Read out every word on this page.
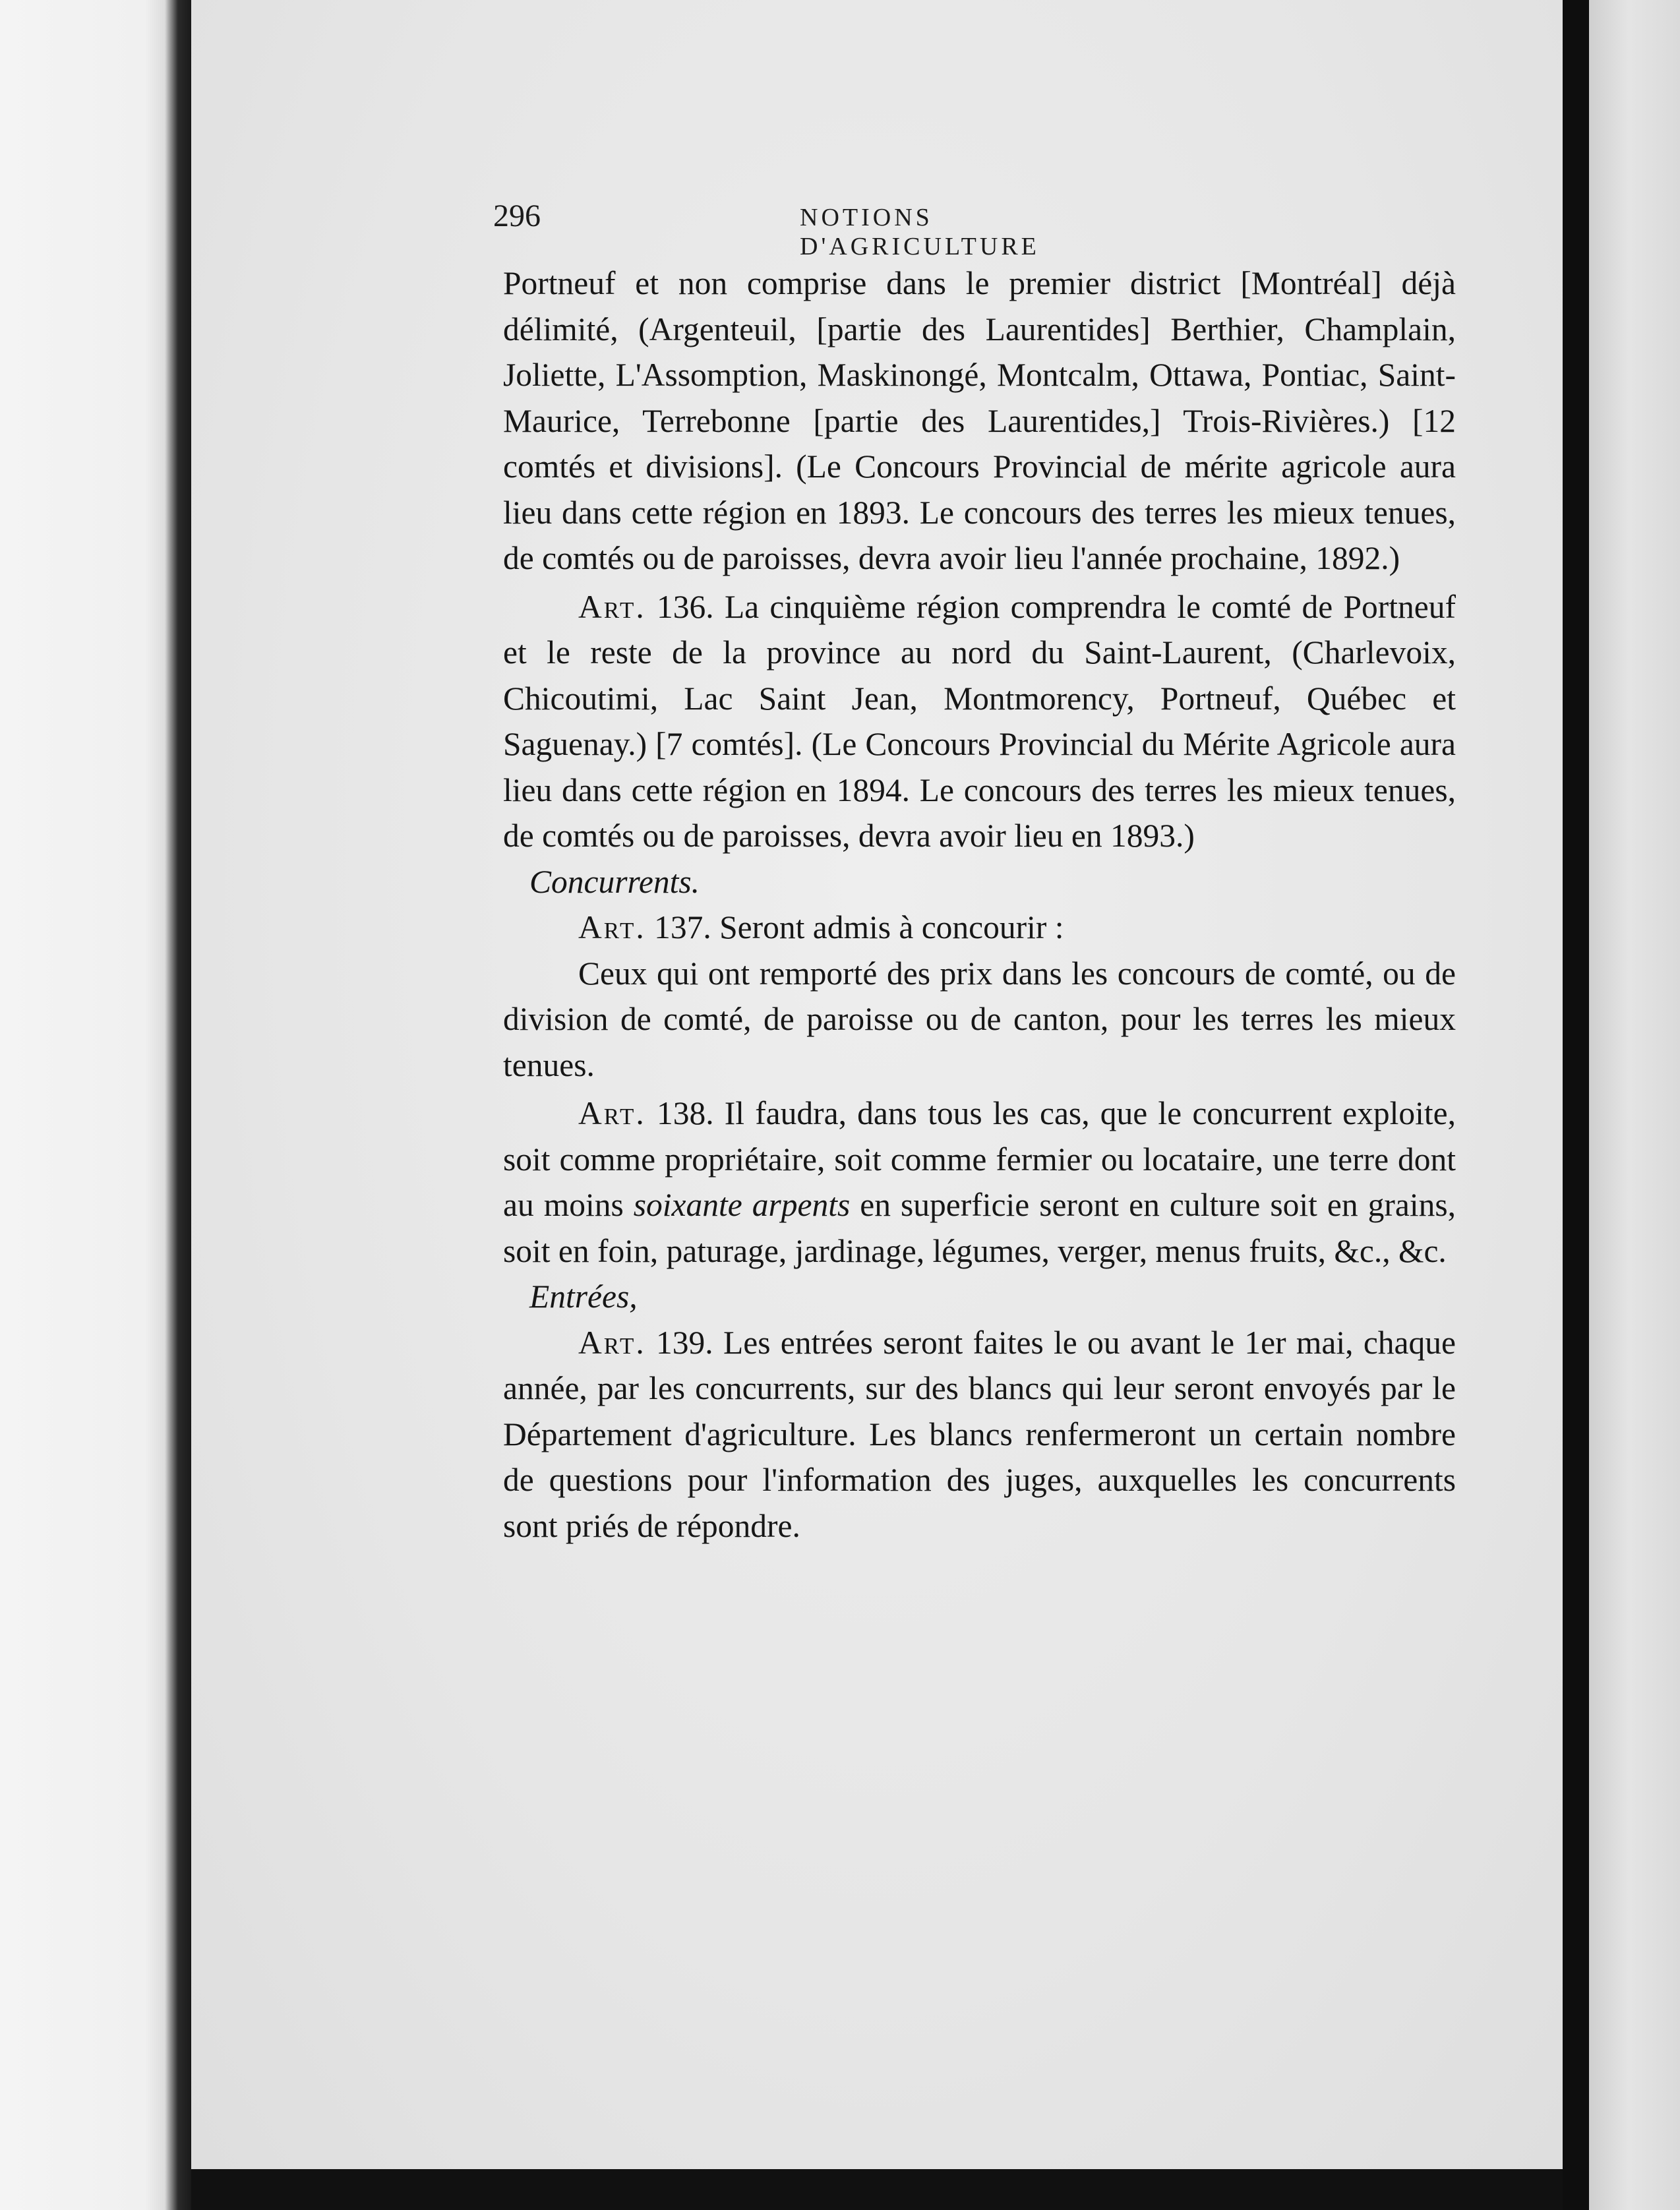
296	NOTIONS D'AGRICULTURE

Portneuf et non comprise dans le premier district [Montréal] déjà délimité, (Argenteuil, [partie des Laurentides] Berthier, Champlain, Joliette, L'Assomption, Maskinongé, Montcalm, Ottawa, Pontiac, Saint-Maurice, Terrebonne [partie des Laurentides,] Trois-Rivières.) [12 comtés et divisions]. (Le Concours Provincial de mérite agricole aura lieu dans cette région en 1893. Le concours des terres les mieux tenues, de comtés ou de paroisses, devra avoir lieu l'année prochaine, 1892.)

Art. 136. La cinquième région comprendra le comté de Portneuf et le reste de la province au nord du Saint-Laurent, (Charlevoix, Chicoutimi, Lac Saint Jean, Montmorency, Portneuf, Québec et Saguenay.) [7 comtés]. (Le Concours Provincial du Mérite Agricole aura lieu dans cette région en 1894. Le concours des terres les mieux tenues, de comtés ou de paroisses, devra avoir lieu en 1893.)

Concurrents.

Art. 137. Seront admis à concourir :

Ceux qui ont remporté des prix dans les concours de comté, ou de division de comté, de paroisse ou de canton, pour les terres les mieux tenues.

Art. 138. Il faudra, dans tous les cas, que le concurrent exploite, soit comme propriétaire, soit comme fermier ou locataire, une terre dont au moins soixante arpents en superficie seront en culture soit en grains, soit en foin, paturage, jardinage, légumes, verger, menus fruits, &c., &c.

Entrées,

Art. 139. Les entrées seront faites le ou avant le 1er mai, chaque année, par les concurrents, sur des blancs qui leur seront envoyés par le Département d'agriculture. Les blancs renfermeront un certain nombre de questions pour l'information des juges, auxquelles les concurrents sont priés de répondre.
